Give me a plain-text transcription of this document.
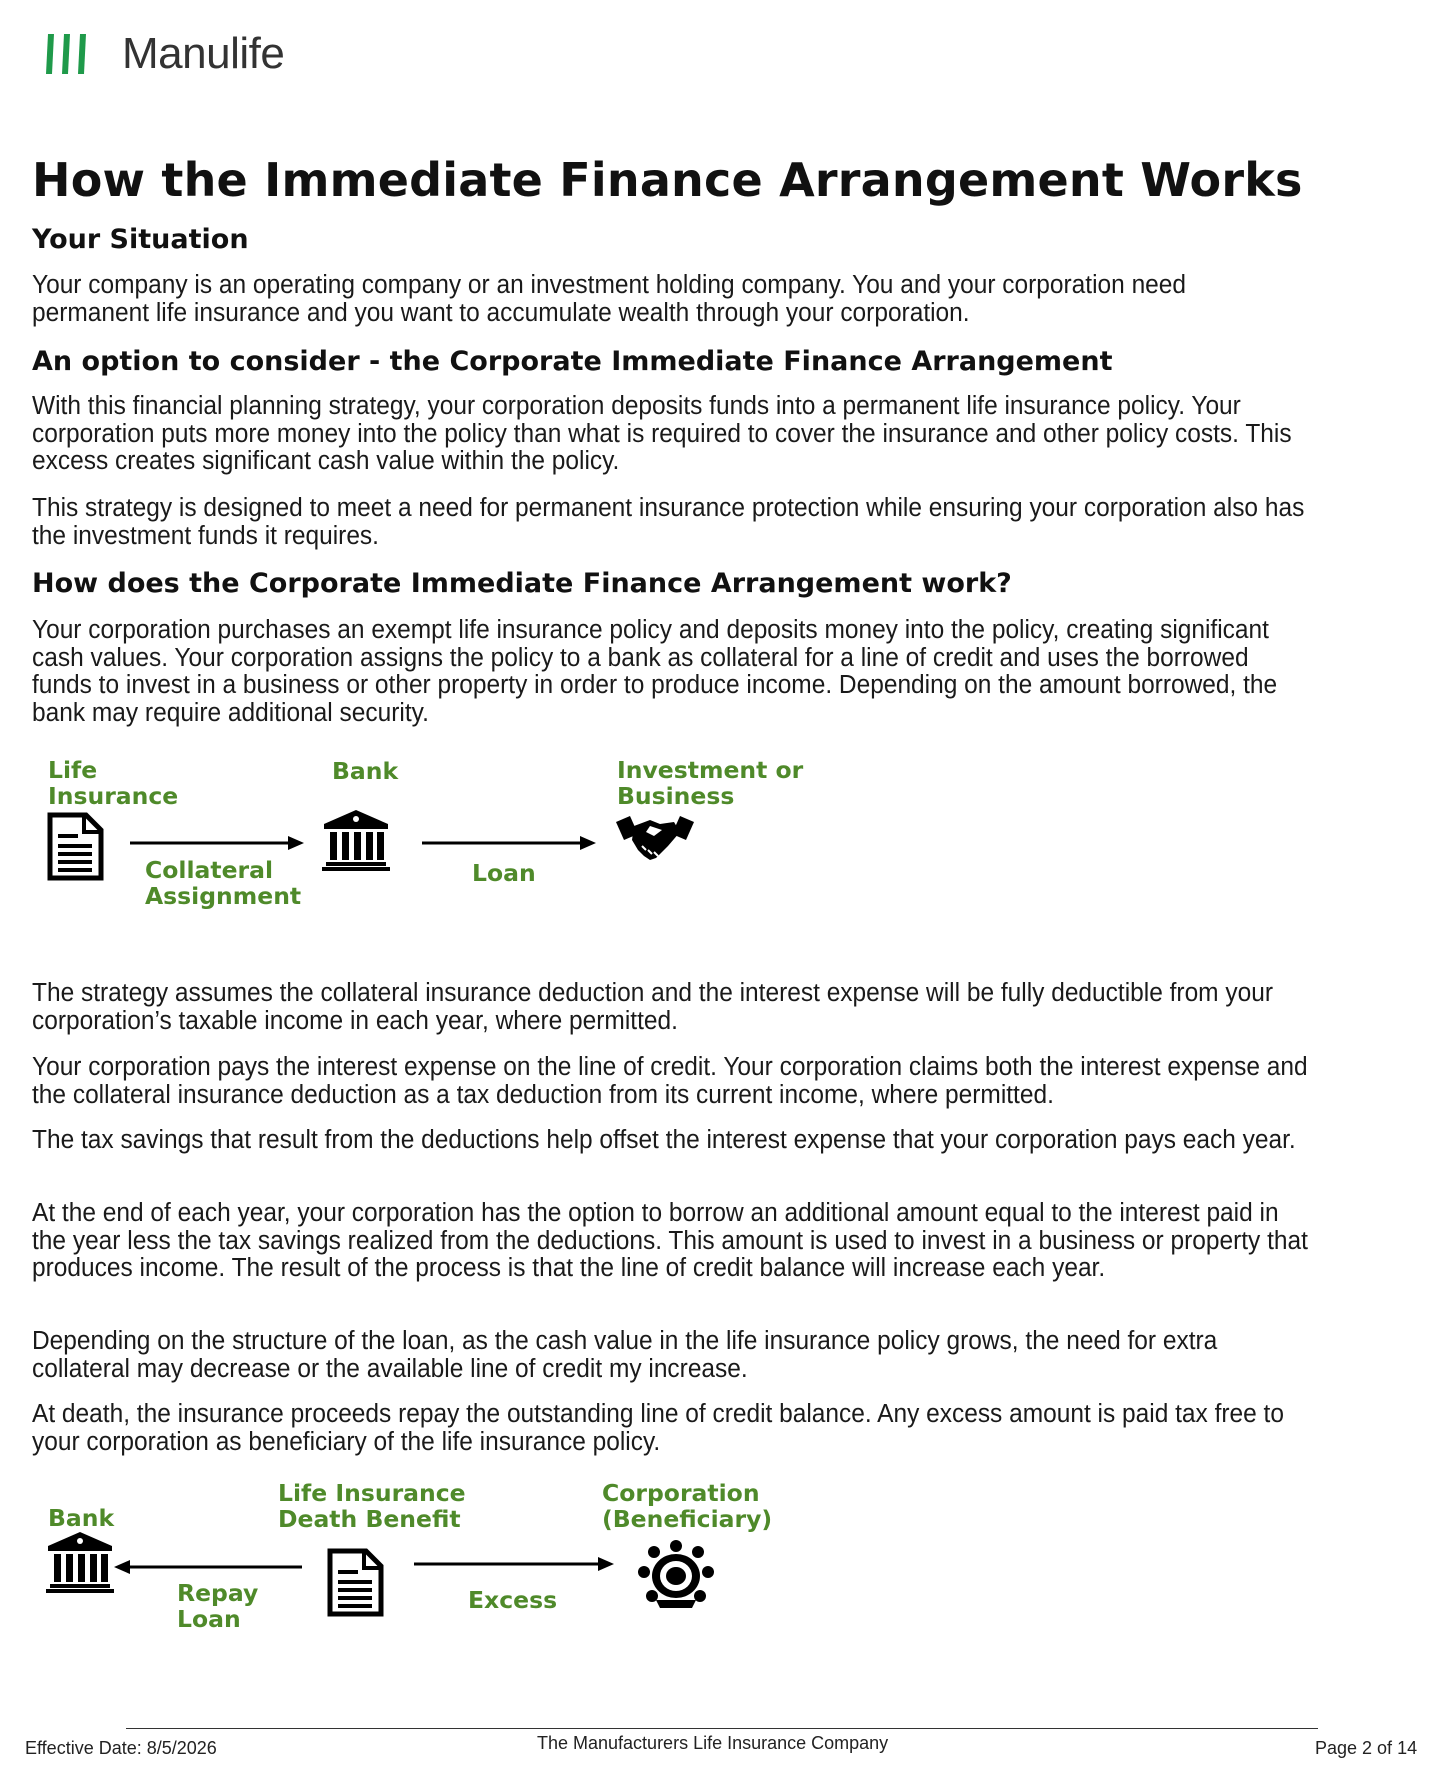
Manulife
How the Immediate Finance Arrangement Works
Your Situation

Your company is an operating company or an investment holding company. You and your corporation need permanent life insurance and you want to accumulate wealth through your corporation.

An option to consider - the Corporate Immediate Finance Arrangement

With this financial planning strategy, your corporation deposits funds into a permanent life insurance policy. Your corporation puts more money into the policy than what is required to cover the insurance and other policy costs. This excess creates significant cash value within the policy.

This strategy is designed to meet a need for permanent insurance protection while ensuring your corporation also has the investment funds it requires.

How does the Corporate Immediate Finance Arrangement work?

Your corporation purchases an exempt life insurance policy and deposits money into the policy, creating significant cash values. Your corporation assigns the policy to a bank as collateral for a line of credit and uses the borrowed funds to invest in a business or other property in order to produce income. Depending on the amount borrowed, the bank may require additional security.

Life
Insurance
Bank	Investment or
Business
Collateral
Assignment
Loan

The strategy assumes the collateral insurance deduction and the interest expense will be fully deductible from your corporation’s taxable income in each year, where permitted.

Your corporation pays the interest expense on the line of credit. Your corporation claims both the interest expense and the collateral insurance deduction as a tax deduction from its current income, where permitted.

The tax savings that result from the deductions help offset the interest expense that your corporation pays each year.

At the end of each year, your corporation has the option to borrow an additional amount equal to the interest paid in the year less the tax savings realized from the deductions. This amount is used to invest in a business or property that produces income. The result of the process is that the line of credit balance will increase each year.

Depending on the structure of the loan, as the cash value in the life insurance policy grows, the need for extra collateral may decrease or the available line of credit my increase.

At death, the insurance proceeds repay the outstanding line of credit balance. Any excess amount is paid tax free to your corporation as beneficiary of the life insurance policy.

Bank
Life Insurance
Death Benefit
Corporation
(Beneficiary)
Repay
Loan
Excess
Effective Date: 8/5/2026	The Manufacturers Life Insurance Company	Page 2 of 14
